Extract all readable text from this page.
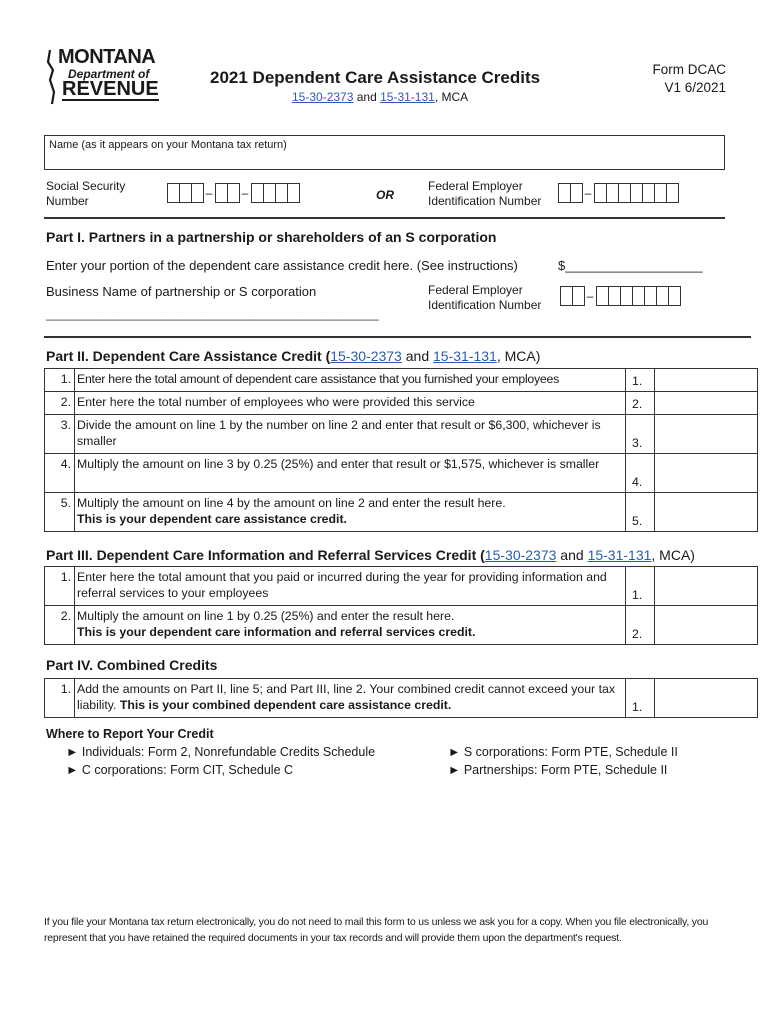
MONTANA
Department of
REVENUE
2021 Dependent Care Assistance Credits
15-30-2373 and 15-31-131, MCA
Form DCAC
V1 6/2021
Name (as it appears on your Montana tax return)
Social Security
Number
– –	OR
Federal Employer
Identification Number
–
Part I. Partners in a partnership or shareholders of an S corporation
Enter your portion of the dependent care assistance credit here. (See instructions)	$___________________
Business Name of partnership or S corporation
______________________________________________
Federal Employer
Identification Number
–
Part II. Dependent Care Assistance Credit (15-30-2373 and 15-31-131, MCA)
1.	Enter here the total amount of dependent care assistance that you furnished your employees	1.	
2.	Enter here the total number of employees who were provided this service	2.	
3.	Divide the amount on line 1 by the number on line 2 and enter that result or $6,300, whichever is smaller	3.	
4.	Multiply the amount on line 3 by 0.25 (25%) and enter that result or $1,575, whichever is smaller	4.	
5.	Multiply the amount on line 4 by the amount on line 2 and enter the result here.
This is your dependent care assistance credit.	5.	
Part III. Dependent Care Information and Referral Services Credit (15-30-2373 and 15-31-131, MCA)
1.	Enter here the total amount that you paid or incurred during the year for providing information and referral services to your employees	1.	
2.	Multiply the amount on line 1 by 0.25 (25%) and enter the result here.
This is your dependent care information and referral services credit.	2.	
Part IV. Combined Credits
1.	Add the amounts on Part II, line 5; and Part III, line 2. Your combined credit cannot exceed your tax liability. This is your combined dependent care assistance credit.	1.	
Where to Report Your Credit
► Individuals: Form 2, Nonrefundable Credits Schedule
► C corporations: Form CIT, Schedule C
► S corporations: Form PTE, Schedule II
► Partnerships: Form PTE, Schedule II
If you file your Montana tax return electronically, you do not need to mail this form to us unless we ask you for a copy. When you file electronically, you represent that you have retained the required documents in your tax records and will provide them upon the department's request.
